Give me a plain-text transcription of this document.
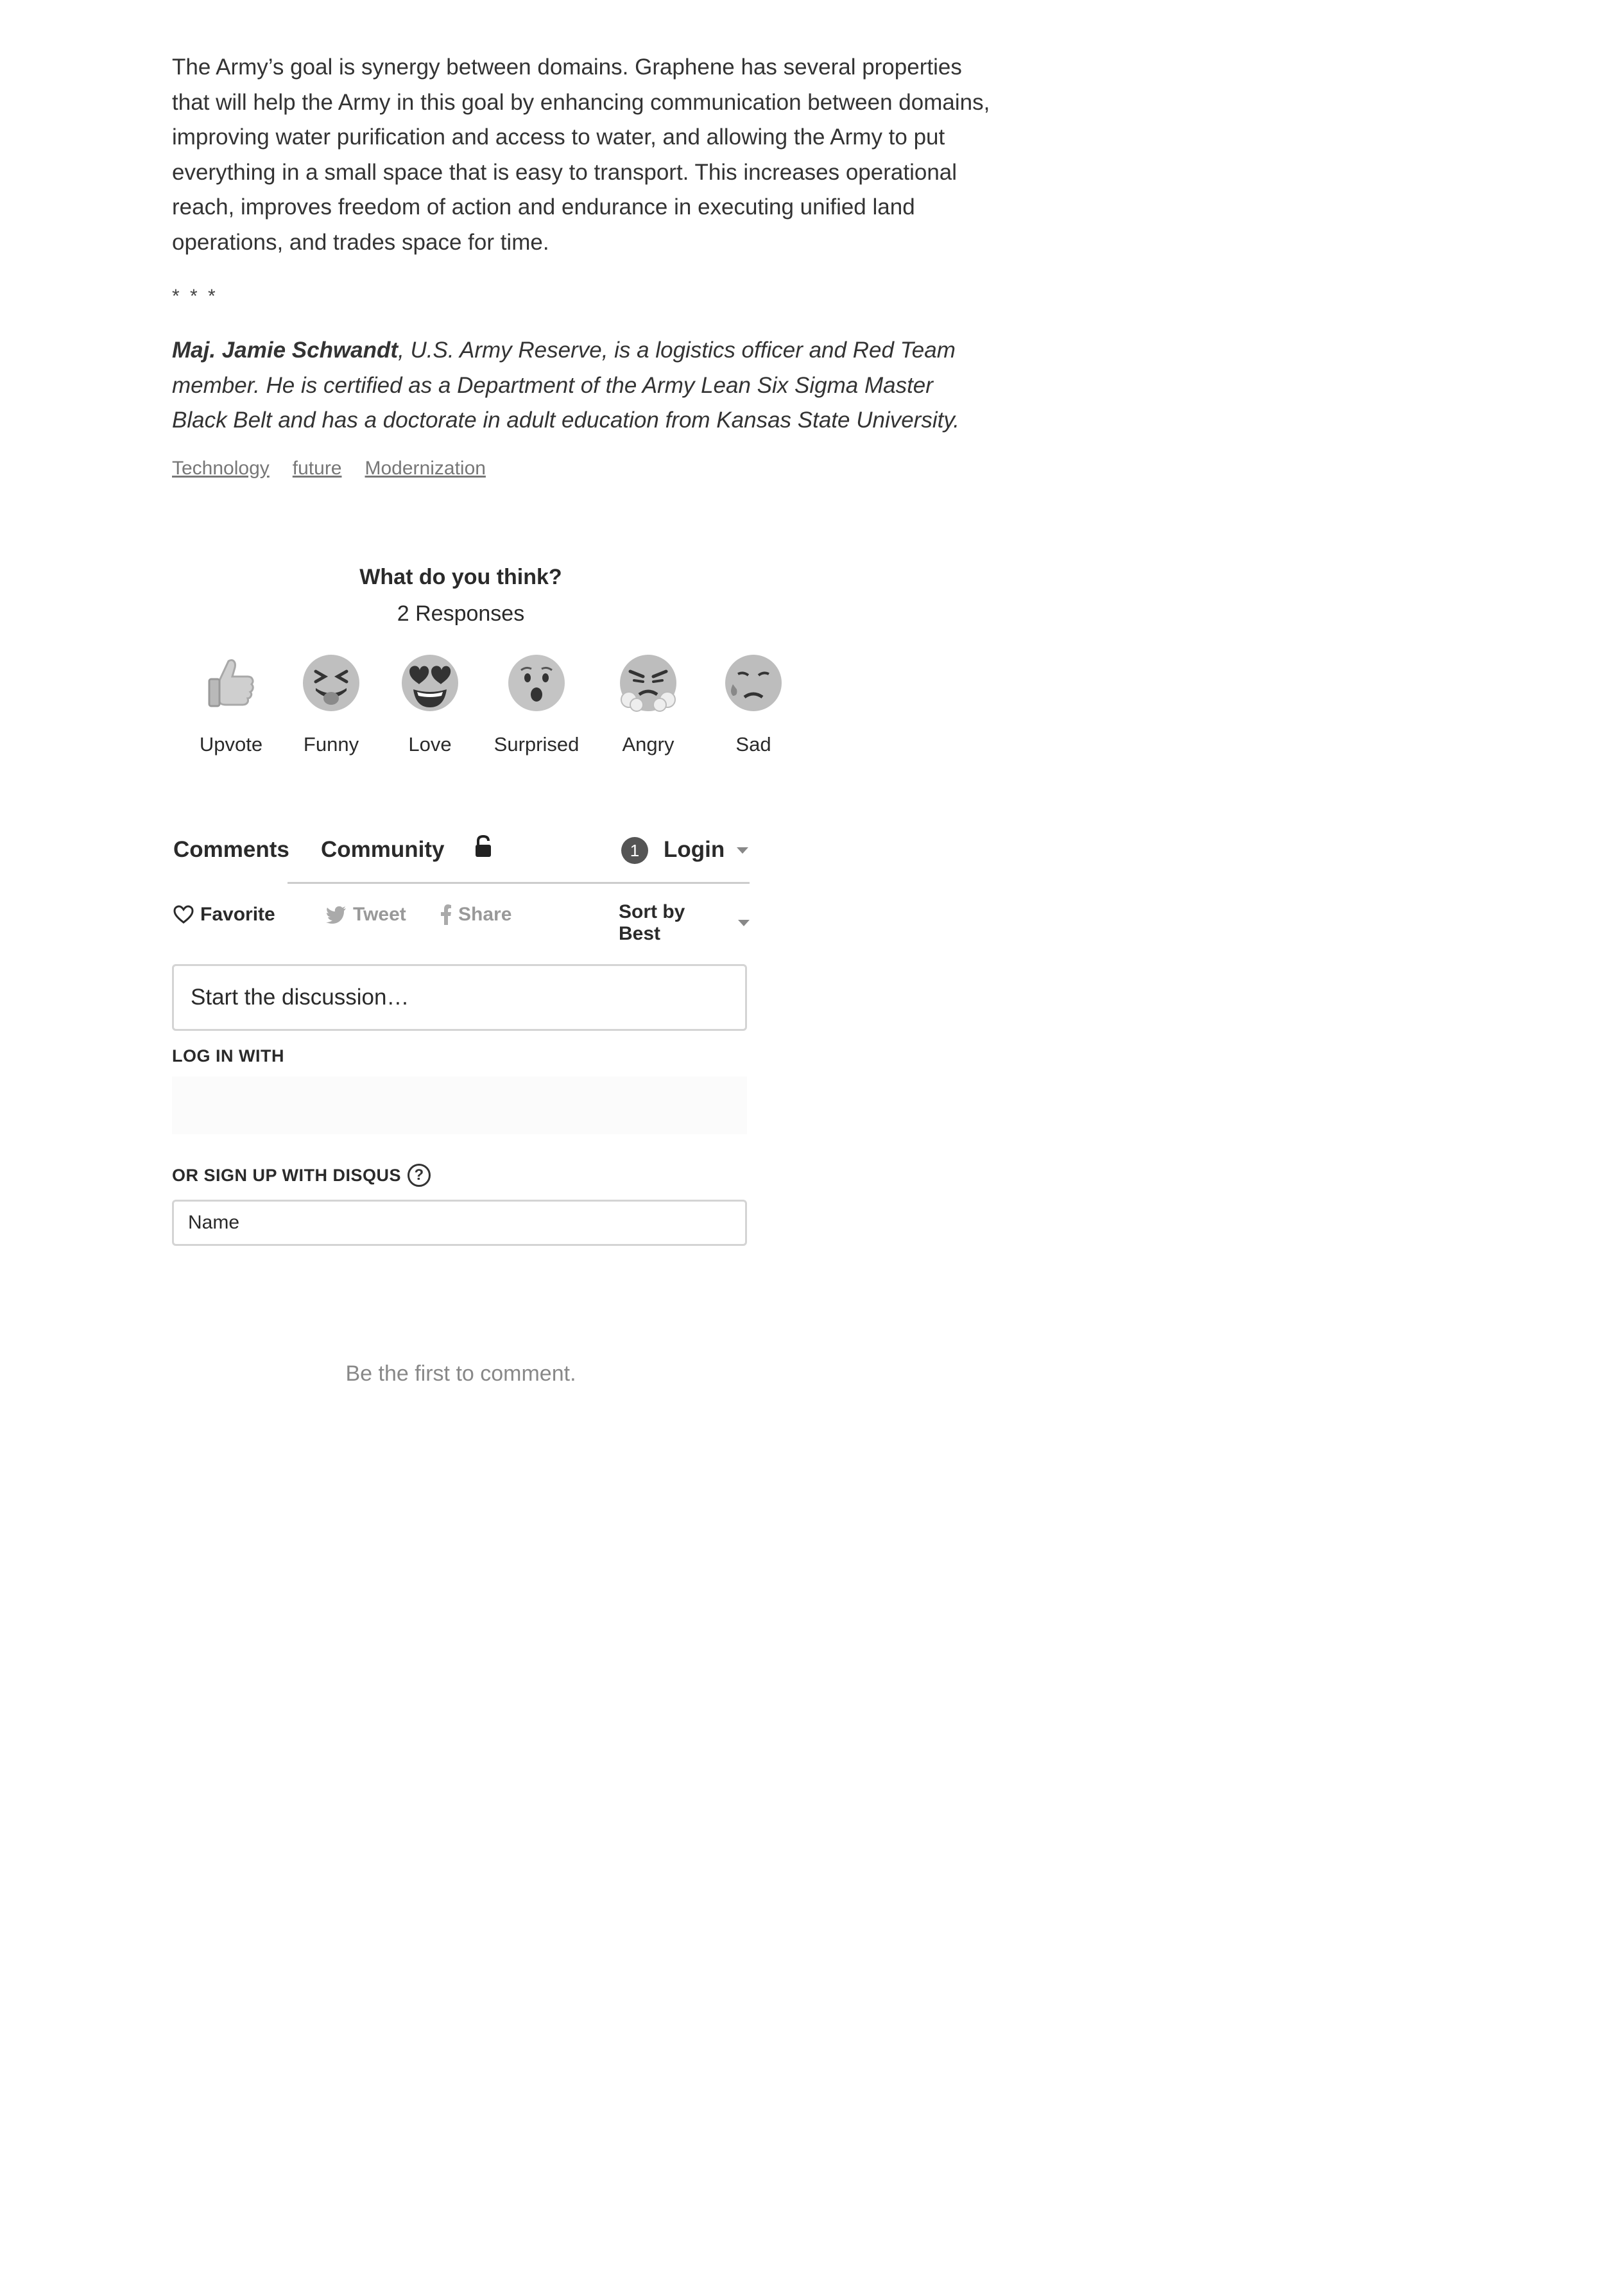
The Army’s goal is synergy between domains. Graphene has several properties that will help the Army in this goal by enhancing communication between domains, improving water purification and access to water, and allowing the Army to put everything in a small space that is easy to transport. This increases operational reach, improves freedom of action and endurance in executing unified land operations, and trades space for time.

* * *

Maj. Jamie Schwandt, U.S. Army Reserve, is a logistics officer and Red Team member. He is certified as a Department of the Army Lean Six Sigma Master Black Belt and has a doctorate in adult education from Kansas State University.

Technology future Modernization
What do you think?
2 Responses
Upvote	Funny	Love	Surprised	Angry	Sad
Comments Community	1	Login
Favorite	Tweet	Share	Sort by Best
Start the discussion…
LOG IN WITH
OR SIGN UP WITH DISQUS ?
Name
Be the first to comment.
